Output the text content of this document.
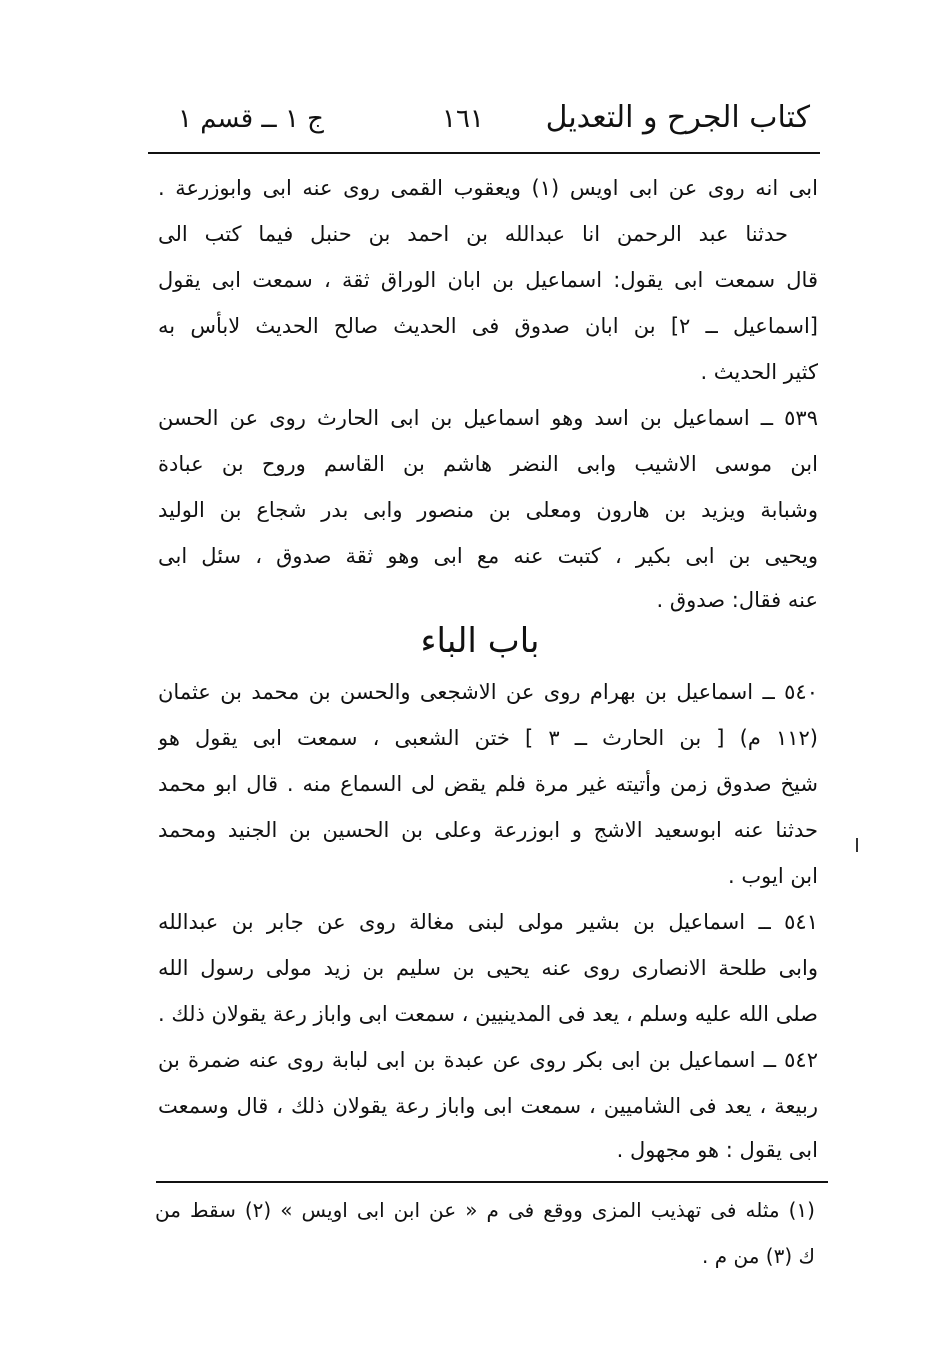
كتاب الجرح و التعديل
١٦١
ج ١ ــ قسم ١
ابى انه روى عن ابى اويس (١) ويعقوب القمى روى عنه ابى وابوزرعة .
حدثنا عبد الرحمن انا عبدالله بن احمد بن حنبل فيما كتب الى
قال سمعت ابى يقول: اسماعيل بن ابان الوراق ثقة ، سمعت ابى يقول
[اسماعيل ــ ٢] بن ابان صدوق فى الحديث صالح الحديث لابأس به
كثير الحديث .
٥٣٩ ــ اسماعيل بن اسد وهو اسماعيل بن ابى الحارث روى عن الحسن
ابن موسى الاشيب وابى النضر هاشم بن القاسم وروح بن عبادة
وشبابة ويزيد بن هارون ومعلى بن منصور وابى بدر شجاع بن الوليد
ويحيى بن ابى بكير ، كتبت عنه مع ابى وهو ثقة صدوق ، سئل ابى
عنه فقال: صدوق .
باب الباء
٥٤٠ ــ اسماعيل بن بهرام روى عن الاشجعى والحسن بن محمد بن عثمان
(١١٢ م) [ بن الحارث ــ ٣ ] ختن الشعبى ، سمعت ابى يقول هو
شيخ صدوق زمن وأتيته غير مرة فلم يقض لى السماع منه . قال ابو محمد
حدثنا عنه ابوسعيد الاشج و ابوزرعة وعلى بن الحسين بن الجنيد ومحمد
ابن ايوب .
٥٤١ ــ اسماعيل بن بشير مولى لبنى مغالة روى عن جابر بن عبدالله
وابى طلحة الانصارى روى عنه يحيى بن سليم بن زيد مولى رسول الله
صلى الله عليه وسلم ، يعد فى المدينيين ، سمعت ابى واباز رعة يقولان ذلك .
٥٤٢ ــ اسماعيل بن ابى بكر روى عن عبدة بن ابى لبابة روى عنه ضمرة بن
ربيعة ، يعد فى الشاميين ، سمعت ابى واباز رعة يقولان ذلك ، قال وسمعت
ابى يقول : هو مجهول .
(١) مثله فى تهذيب المزى ووقع فى م « عن ابن ابى اويس » (٢) سقط من
ك (٣) من م .
